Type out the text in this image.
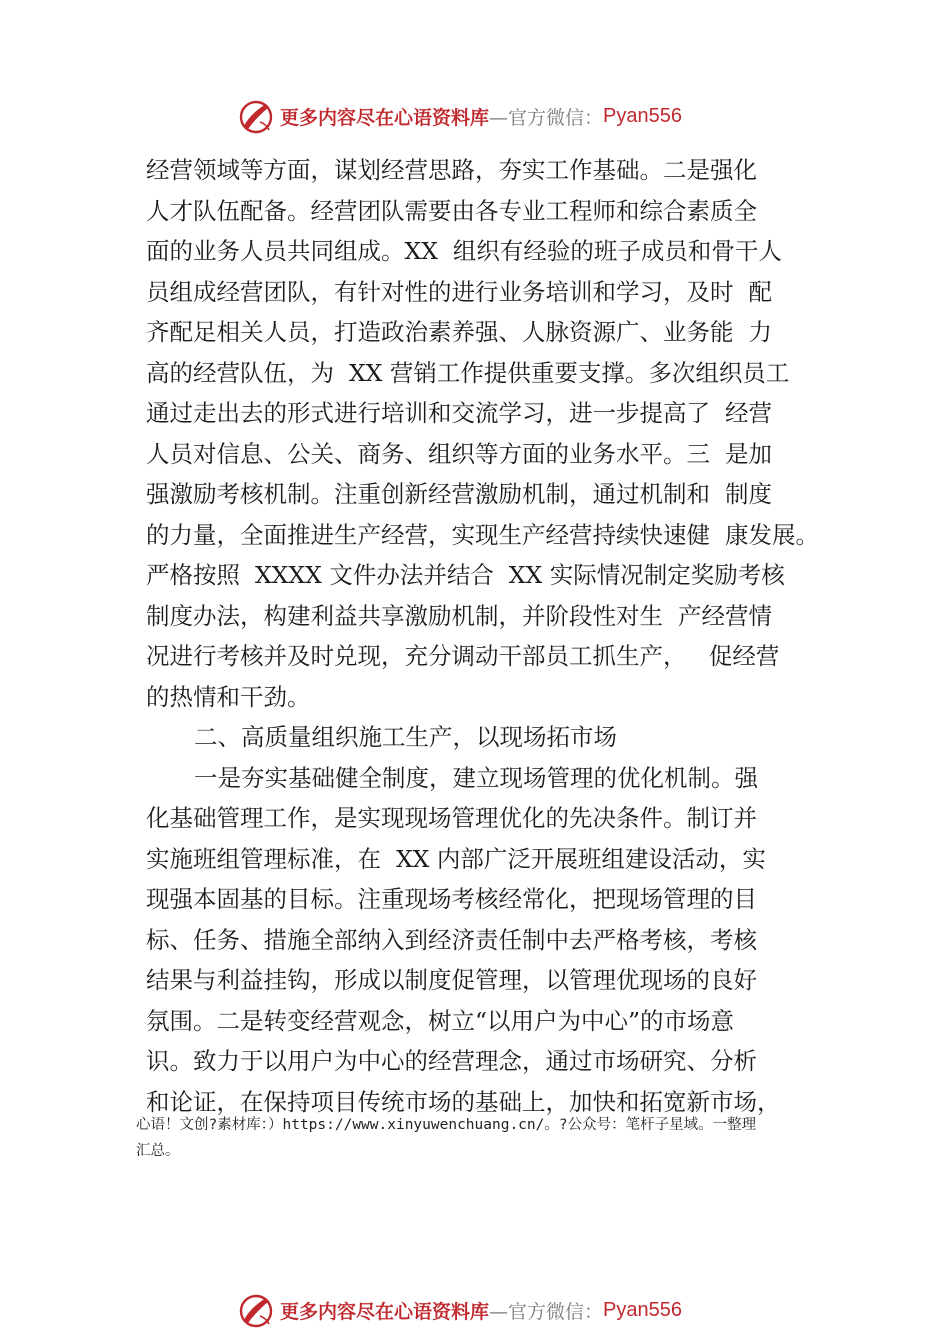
更多内容尽在心语资料库 —官方微信： Pyan556
经营领域等方面，谋划经营思路，夯实工作基础。二是强化
人才队伍配备。经营团队需要由各专业工程师和综合素质全
面的业务人员共同组成。XX  组织有经验的班子成员和骨干人
员组成经营团队，有针对性的进行业务培训和学习，及时  配
齐配足相关人员，打造政治素养强、人脉资源广、业务能  力
高的经营队伍，为  XX 营销工作提供重要支撑。多次组织员工
通过走出去的形式进行培训和交流学习，进一步提高了  经营
人员对信息、公关、商务、组织等方面的业务水平。三  是加
强激励考核机制。注重创新经营激励机制，通过机制和  制度
的力量，全面推进生产经营，实现生产经营持续快速健  康发展。
严格按照  XXXX 文件办法并结合  XX 实际情况制定奖励考核
制度办法，构建利益共享激励机制，并阶段性对生  产经营情
况进行考核并及时兑现，充分调动干部员工抓生产，   促经营
的热情和干劲。
二、高质量组织施工生产，以现场拓市场
一是夯实基础健全制度，建立现场管理的优化机制。强
化基础管理工作，是实现现场管理优化的先决条件。制订并
实施班组管理标准，在  XX 内部广泛开展班组建设活动，实
现强本固基的目标。注重现场考核经常化，把现场管理的目
标、任务、措施全部纳入到经济责任制中去严格考核，考核
结果与利益挂钩，形成以制度促管理，以管理优现场的良好
氛围。二是转变经营观念，树立“以用户为中心”的市场意
识。致力于以用户为中心的经营理念，通过市场研究、分析
和论证，在保持项目传统市场的基础上，加快和拓宽新市场，
心语！文创?素材库：）https://www.xinyuwenchuang.cn/。?公众号：笔杆子星域。一整理
汇总。
更多内容尽在心语资料库 —官方微信： Pyan556
